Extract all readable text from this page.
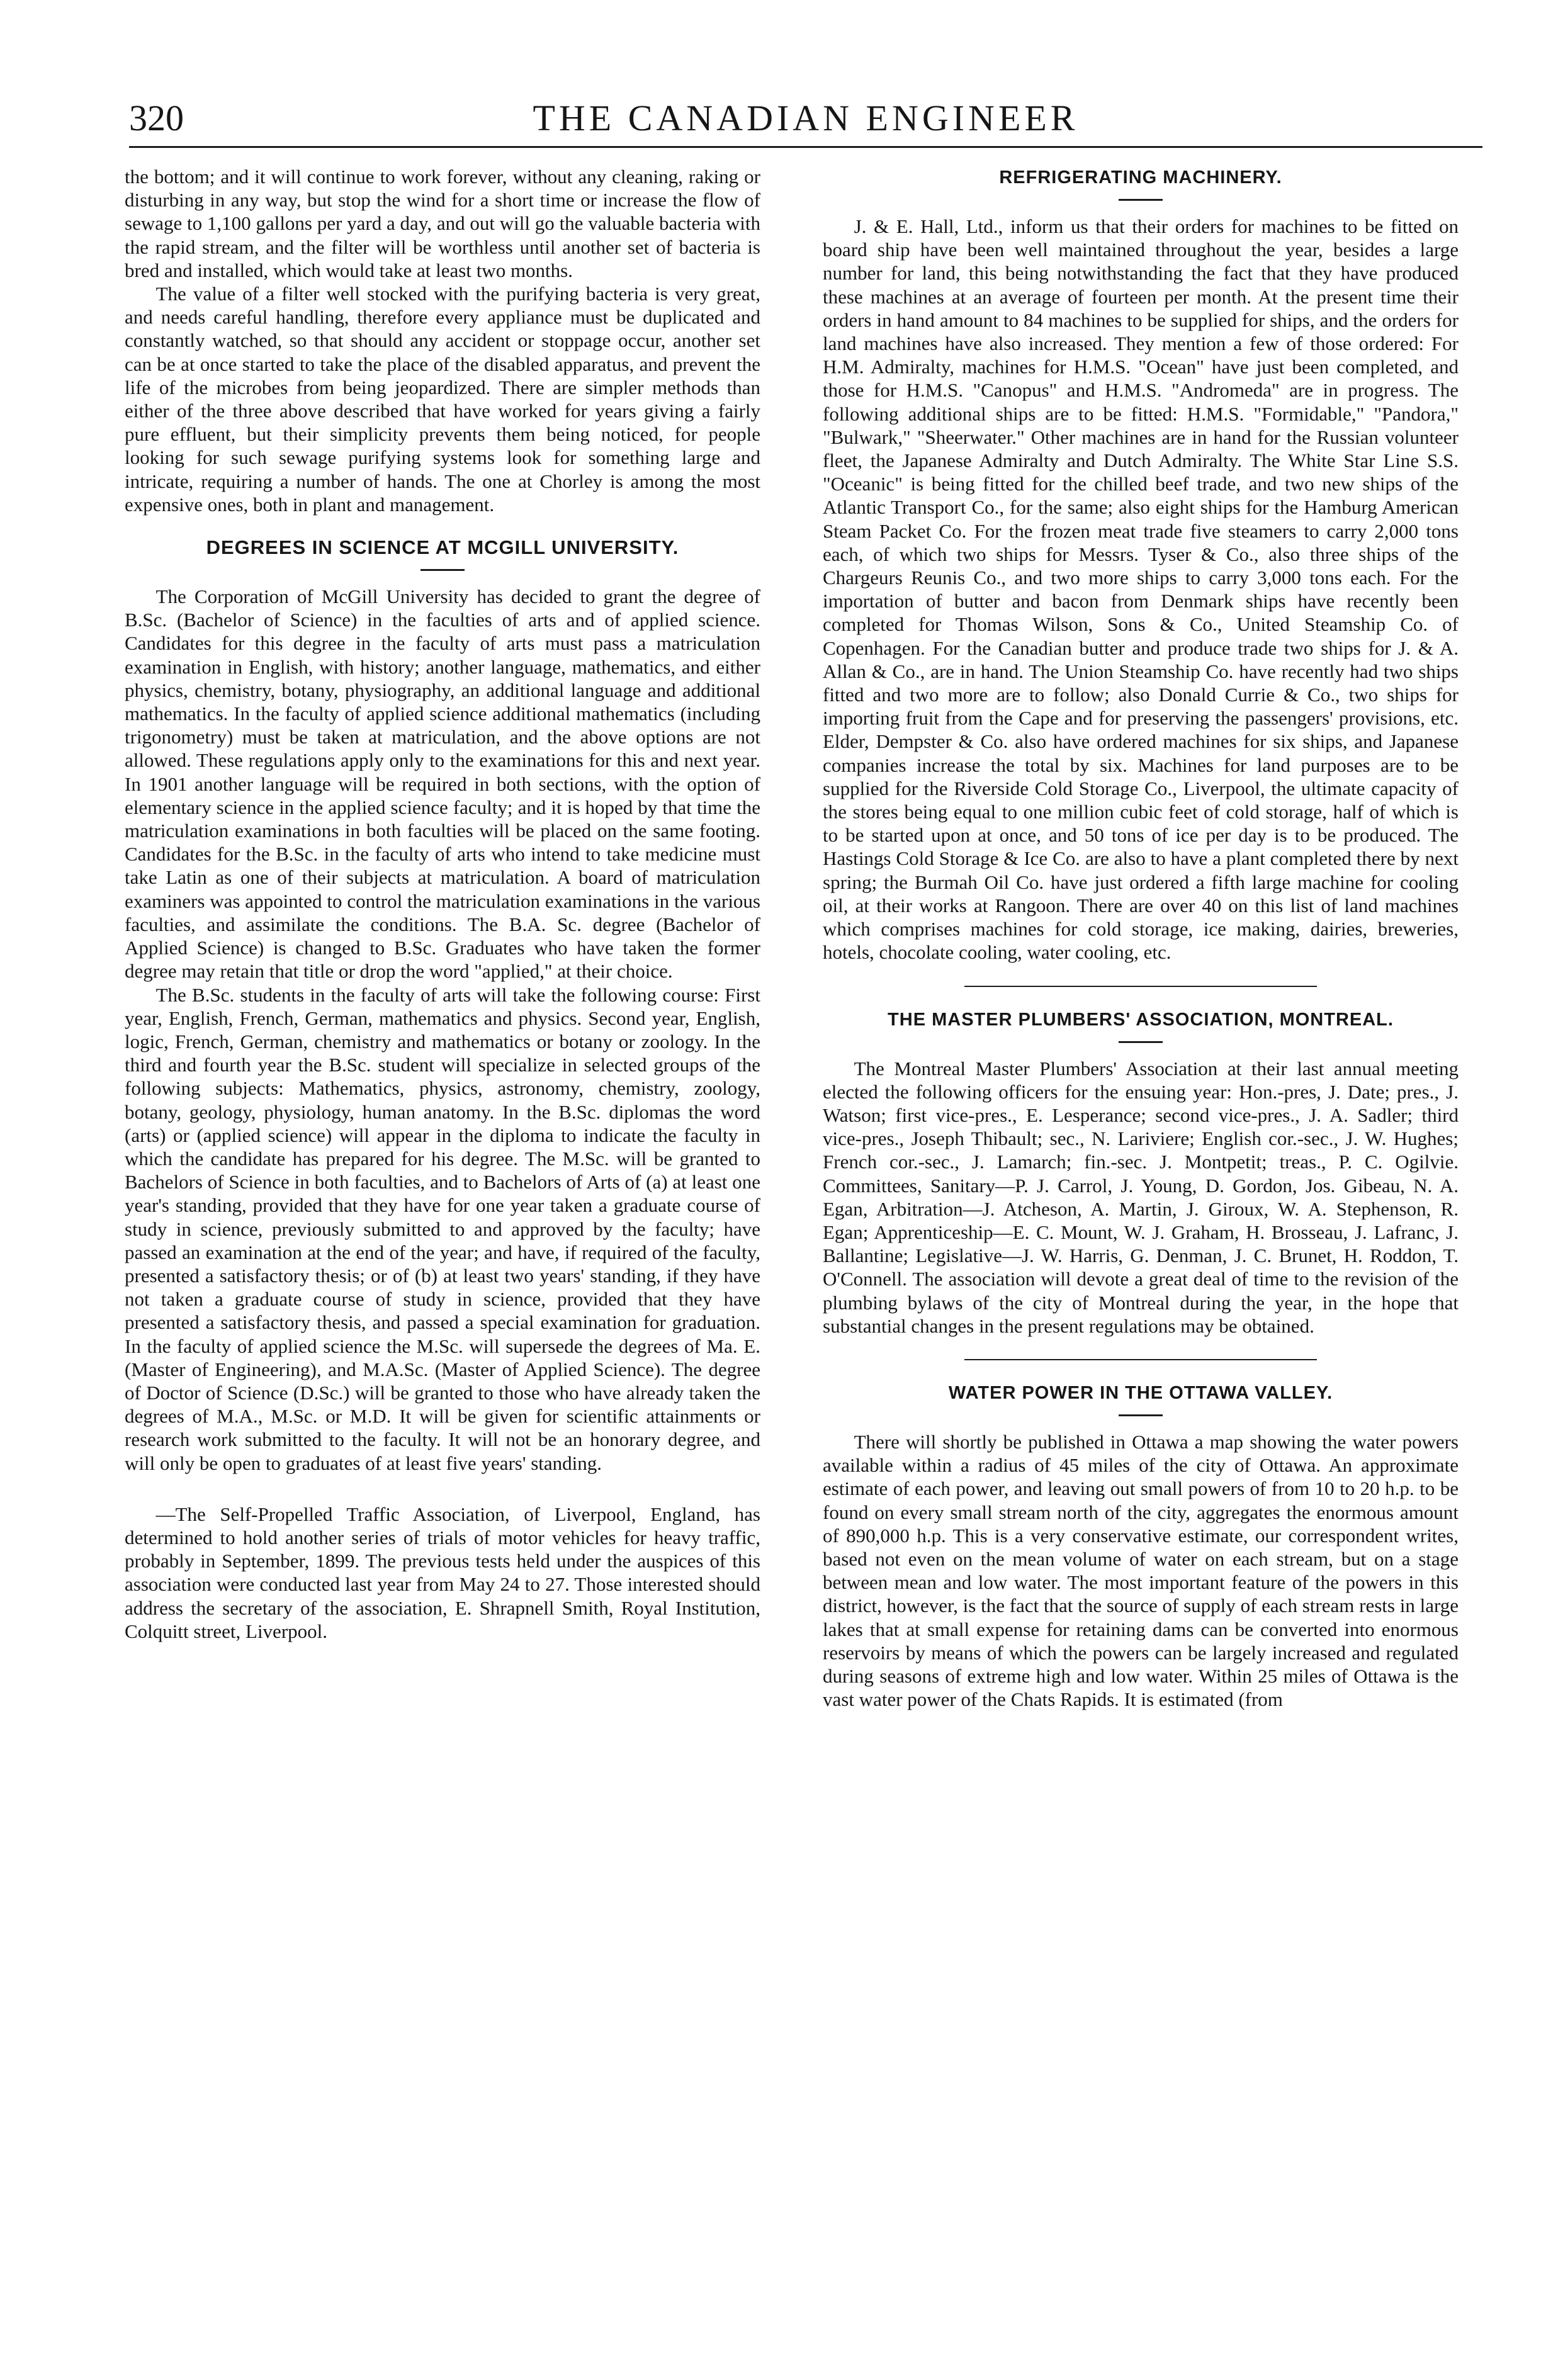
320	THE CANADIAN ENGINEER

the bottom; and it will continue to work forever, without any cleaning, raking or disturbing in any way, but stop the wind for a short time or increase the flow of sewage to 1,100 gallons per yard a day, and out will go the valuable bacteria with the rapid stream, and the filter will be worthless until another set of bacteria is bred and installed, which would take at least two months.

The value of a filter well stocked with the purifying bacteria is very great, and needs careful handling, therefore every appliance must be duplicated and constantly watched, so that should any accident or stoppage occur, another set can be at once started to take the place of the disabled apparatus, and prevent the life of the microbes from being jeopardized. There are simpler methods than either of the three above described that have worked for years giving a fairly pure effluent, but their simplicity prevents them being noticed, for people looking for such sewage purifying systems look for something large and intricate, requiring a number of hands. The one at Chorley is among the most expensive ones, both in plant and management.

DEGREES IN SCIENCE AT MCGILL UNIVERSITY.

The Corporation of McGill University has decided to grant the degree of B.Sc. (Bachelor of Science) in the faculties of arts and of applied science. Candidates for this degree in the faculty of arts must pass a matriculation examination in English, with history; another language, mathematics, and either physics, chemistry, botany, physiography, an additional language and additional mathematics. In the faculty of applied science additional mathematics (including trigonometry) must be taken at matriculation, and the above options are not allowed. These regulations apply only to the examinations for this and next year. In 1901 another language will be required in both sections, with the option of elementary science in the applied science faculty; and it is hoped by that time the matriculation examinations in both faculties will be placed on the same footing. Candidates for the B.Sc. in the faculty of arts who intend to take medicine must take Latin as one of their subjects at matriculation. A board of matriculation examiners was appointed to control the matriculation examinations in the various faculties, and assimilate the conditions. The B.A. Sc. degree (Bachelor of Applied Science) is changed to B.Sc. Graduates who have taken the former degree may retain that title or drop the word "applied," at their choice.

The B.Sc. students in the faculty of arts will take the following course: First year, English, French, German, mathematics and physics. Second year, English, logic, French, German, chemistry and mathematics or botany or zoology. In the third and fourth year the B.Sc. student will specialize in selected groups of the following subjects: Mathematics, physics, astronomy, chemistry, zoology, botany, geology, physiology, human anatomy. In the B.Sc. diplomas the word (arts) or (applied science) will appear in the diploma to indicate the faculty in which the candidate has prepared for his degree. The M.Sc. will be granted to Bachelors of Science in both faculties, and to Bachelors of Arts of (a) at least one year's standing, provided that they have for one year taken a graduate course of study in science, previously submitted to and approved by the faculty; have passed an examination at the end of the year; and have, if required of the faculty, presented a satisfactory thesis; or of (b) at least two years' standing, if they have not taken a graduate course of study in science, provided that they have presented a satisfactory thesis, and passed a special examination for graduation. In the faculty of applied science the M.Sc. will supersede the degrees of Ma. E. (Master of Engineering), and M.A.Sc. (Master of Applied Science). The degree of Doctor of Science (D.Sc.) will be granted to those who have already taken the degrees of M.A., M.Sc. or M.D. It will be given for scientific attainments or research work submitted to the faculty. It will not be an honorary degree, and will only be open to graduates of at least five years' standing.

—The Self-Propelled Traffic Association, of Liverpool, England, has determined to hold another series of trials of motor vehicles for heavy traffic, probably in September, 1899. The previous tests held under the auspices of this association were conducted last year from May 24 to 27. Those interested should address the secretary of the association, E. Shrapnell Smith, Royal Institution, Colquitt street, Liverpool.

REFRIGERATING MACHINERY.

J. & E. Hall, Ltd., inform us that their orders for machines to be fitted on board ship have been well maintained throughout the year, besides a large number for land, this being notwithstanding the fact that they have produced these machines at an average of fourteen per month. At the present time their orders in hand amount to 84 machines to be supplied for ships, and the orders for land machines have also increased. They mention a few of those ordered: For H.M. Admiralty, machines for H.M.S. "Ocean" have just been completed, and those for H.M.S. "Canopus" and H.M.S. "Andromeda" are in progress. The following additional ships are to be fitted: H.M.S. "Formidable," "Pandora," "Bulwark," "Sheerwater." Other machines are in hand for the Russian volunteer fleet, the Japanese Admiralty and Dutch Admiralty. The White Star Line S.S. "Oceanic" is being fitted for the chilled beef trade, and two new ships of the Atlantic Transport Co., for the same; also eight ships for the Hamburg American Steam Packet Co. For the frozen meat trade five steamers to carry 2,000 tons each, of which two ships for Messrs. Tyser & Co., also three ships of the Chargeurs Reunis Co., and two more ships to carry 3,000 tons each. For the importation of butter and bacon from Denmark ships have recently been completed for Thomas Wilson, Sons & Co., United Steamship Co. of Copenhagen. For the Canadian butter and produce trade two ships for J. & A. Allan & Co., are in hand. The Union Steamship Co. have recently had two ships fitted and two more are to follow; also Donald Currie & Co., two ships for importing fruit from the Cape and for preserving the passengers' provisions, etc. Elder, Dempster & Co. also have ordered machines for six ships, and Japanese companies increase the total by six. Machines for land purposes are to be supplied for the Riverside Cold Storage Co., Liverpool, the ultimate capacity of the stores being equal to one million cubic feet of cold storage, half of which is to be started upon at once, and 50 tons of ice per day is to be produced. The Hastings Cold Storage & Ice Co. are also to have a plant completed there by next spring; the Burmah Oil Co. have just ordered a fifth large machine for cooling oil, at their works at Rangoon. There are over 40 on this list of land machines which comprises machines for cold storage, ice making, dairies, breweries, hotels, chocolate cooling, water cooling, etc.

THE MASTER PLUMBERS' ASSOCIATION, MONTREAL.

The Montreal Master Plumbers' Association at their last annual meeting elected the following officers for the ensuing year: Hon.-pres, J. Date; pres., J. Watson; first vice-pres., E. Lesperance; second vice-pres., J. A. Sadler; third vice-pres., Joseph Thibault; sec., N. Lariviere; English cor.-sec., J. W. Hughes; French cor.-sec., J. Lamarch; fin.-sec. J. Montpetit; treas., P. C. Ogilvie. Committees, Sanitary—P. J. Carrol, J. Young, D. Gordon, Jos. Gibeau, N. A. Egan, Arbitration—J. Atcheson, A. Martin, J. Giroux, W. A. Stephenson, R. Egan; Apprenticeship—E. C. Mount, W. J. Graham, H. Brosseau, J. Lafranc, J. Ballantine; Legislative—J. W. Harris, G. Denman, J. C. Brunet, H. Roddon, T. O'Connell. The association will devote a great deal of time to the revision of the plumbing bylaws of the city of Montreal during the year, in the hope that substantial changes in the present regulations may be obtained.

WATER POWER IN THE OTTAWA VALLEY.

There will shortly be published in Ottawa a map showing the water powers available within a radius of 45 miles of the city of Ottawa. An approximate estimate of each power, and leaving out small powers of from 10 to 20 h.p. to be found on every small stream north of the city, aggregates the enormous amount of 890,000 h.p. This is a very conservative estimate, our correspondent writes, based not even on the mean volume of water on each stream, but on a stage between mean and low water. The most important feature of the powers in this district, however, is the fact that the source of supply of each stream rests in large lakes that at small expense for retaining dams can be converted into enormous reservoirs by means of which the powers can be largely increased and regulated during seasons of extreme high and low water. Within 25 miles of Ottawa is the vast water power of the Chats Rapids. It is estimated (from
